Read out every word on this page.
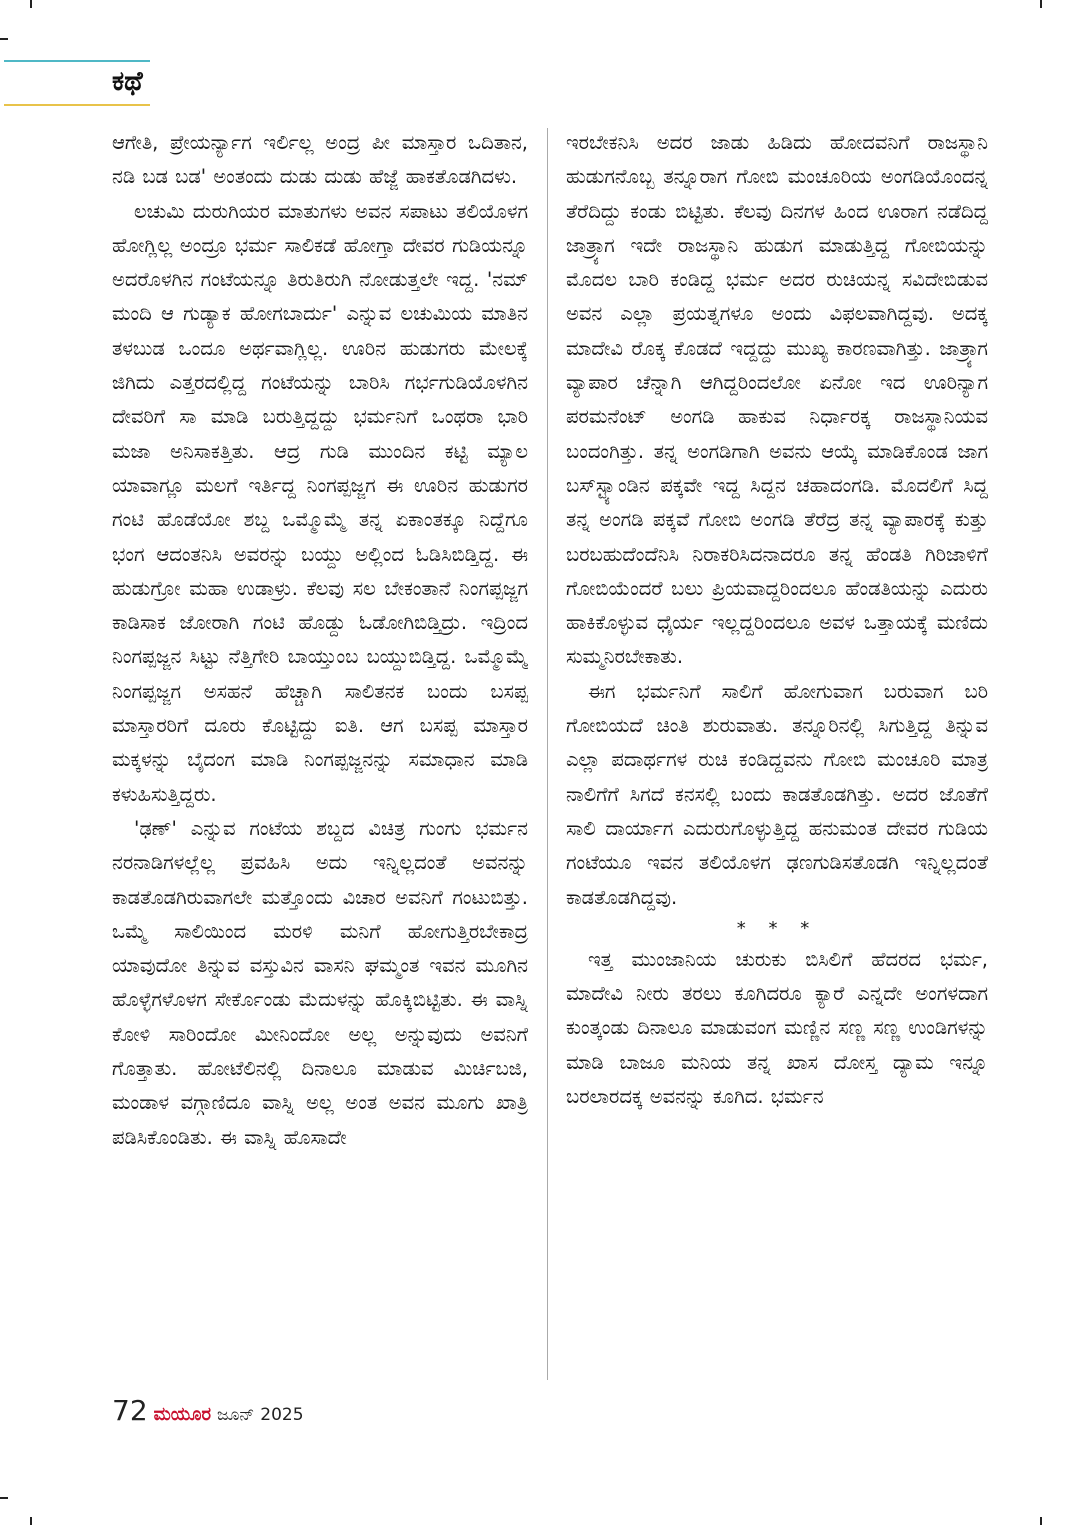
ಕಥೆ

ಆಗೇತಿ, ಪ್ರೇಯರ್ನ್ಯಾಗ ಇರ್ಲಿಲ್ಲ ಅಂದ್ರ ಪೀ ಮಾಸ್ತಾರ ಒದಿತಾನ, ನಡಿ ಬಡ ಬಡ' ಅಂತಂದು ದುಡು ದುಡು ಹೆಜ್ಜೆ ಹಾಕತೊಡಗಿದಳು.

ಲಚುಮಿ ದುರುಗಿಯರ ಮಾತುಗಳು ಅವನ ಸಪಾಟು ತಲಿಯೊಳಗ ಹೋಗ್ಲಿಲ್ಲ ಅಂದ್ರೂ ಭರ್ಮ ಸಾಲಿಕಡೆ ಹೋಗ್ತಾ ದೇವರ ಗುಡಿಯನ್ನೂ ಅದರೊಳಗಿನ ಗಂಟೆಯನ್ನೂ ತಿರುತಿರುಗಿ ನೋಡುತ್ತಲೇ ಇದ್ದ. 'ನಮ್ ಮಂದಿ ಆ ಗುಡ್ಯಾಕ ಹೋಗಬಾರ್ದು' ಎನ್ನುವ ಲಚುಮಿಯ ಮಾತಿನ ತಳಬುಡ ಒಂದೂ ಅರ್ಥವಾಗ್ಲಿಲ್ಲ. ಊರಿನ ಹುಡುಗರು ಮೇಲಕ್ಕೆ ಜಿಗಿದು ಎತ್ತರದಲ್ಲಿದ್ದ ಗಂಟೆಯನ್ನು ಬಾರಿಸಿ ಗರ್ಭಗುಡಿಯೊಳಗಿನ ದೇವರಿಗೆ ಸಾ ಮಾಡಿ ಬರುತ್ತಿದ್ದದ್ದು ಭರ್ಮನಿಗೆ ಒಂಥರಾ ಭಾರಿ ಮಜಾ ಅನಿಸಾಕತ್ತಿತು. ಆದ್ರ ಗುಡಿ ಮುಂದಿನ ಕಟ್ಟಿ ಮ್ಯಾಲ ಯಾವಾಗ್ಲೂ ಮಲಗೆ ಇರ್ತಿದ್ದ ನಿಂಗಪ್ಪಜ್ಜಗ ಈ ಊರಿನ ಹುಡುಗರ ಗಂಟಿ ಹೊಡೆಯೋ ಶಬ್ದ ಒಮ್ಮೊಮ್ಮೆ ತನ್ನ ಏಕಾಂತಕ್ಕೂ ನಿದ್ದೆಗೂ ಭಂಗ ಆದಂತನಿಸಿ ಅವರನ್ನು ಬಯ್ದು ಅಲ್ಲಿಂದ ಓಡಿಸಿಬಿಡ್ತಿದ್ದ. ಈ ಹುಡುಗ್ರೋ ಮಹಾ ಉಡಾಳ್ರು. ಕೆಲವು ಸಲ ಬೇಕಂತಾನೆ ನಿಂಗಪ್ಪಜ್ಜಗ ಕಾಡಿಸಾಕ ಜೋರಾಗಿ ಗಂಟಿ ಹೊಡ್ದು ಓಡೋಗಿಬಿಡ್ತಿದ್ರು. ಇದ್ರಿಂದ ನಿಂಗಪ್ಪಜ್ಜನ ಸಿಟ್ಟು ನೆತ್ತಿಗೇರಿ ಬಾಯ್ತುಂಬ ಬಯ್ದುಬಿಡ್ತಿದ್ದ. ಒಮ್ಮೊಮ್ಮೆ ನಿಂಗಪ್ಪಜ್ಜಗ ಅಸಹನೆ ಹೆಚ್ಚಾಗಿ ಸಾಲಿತನಕ ಬಂದು ಬಸಪ್ಪ ಮಾಸ್ತಾರರಿಗೆ ದೂರು ಕೊಟ್ಟಿದ್ದು ಐತಿ. ಆಗ ಬಸಪ್ಪ ಮಾಸ್ತಾರ ಮಕ್ಕಳನ್ನು ಬೈದಂಗ ಮಾಡಿ ನಿಂಗಪ್ಪಜ್ಜನನ್ನು ಸಮಾಧಾನ ಮಾಡಿ ಕಳುಹಿಸುತ್ತಿದ್ದರು.

'ಢಣ್' ಎನ್ನುವ ಗಂಟೆಯ ಶಬ್ದದ ವಿಚಿತ್ರ ಗುಂಗು ಭರ್ಮನ ನರನಾಡಿಗಳಲ್ಲೆಲ್ಲ ಪ್ರವಹಿಸಿ ಅದು ಇನ್ನಿಲ್ಲದಂತೆ ಅವನನ್ನು ಕಾಡತೊಡಗಿರುವಾಗಲೇ ಮತ್ತೊಂದು ವಿಚಾರ ಅವನಿಗೆ ಗಂಟುಬಿತ್ತು. ಒಮ್ಮೆ ಸಾಲಿಯಿಂದ ಮರಳಿ ಮನಿಗೆ ಹೋಗುತ್ತಿರಬೇಕಾದ್ರ ಯಾವುದೋ ತಿನ್ನುವ ವಸ್ತುವಿನ ವಾಸನಿ ಘಮ್ಮಂತ ಇವನ ಮೂಗಿನ ಹೊಳ್ಳೆಗಳೊಳಗ ಸೇರ್ಕೊಂಡು ಮೆದುಳನ್ನು ಹೊಕ್ಕಿಬಿಟ್ಟಿತು. ಈ ವಾಸ್ನಿ ಕೋಳಿ ಸಾರಿಂದೋ ಮೀನಿಂದೋ ಅಲ್ಲ ಅನ್ನುವುದು ಅವನಿಗೆ ಗೊತ್ತಾತು. ಹೋಟೆಲಿನಲ್ಲಿ ದಿನಾಲೂ ಮಾಡುವ ಮಿರ್ಚಿಬಜಿ, ಮಂಡಾಳ ವಗ್ಗಾಣಿದೂ ವಾಸ್ನಿ ಅಲ್ಲ ಅಂತ ಅವನ ಮೂಗು ಖಾತ್ರಿ ಪಡಿಸಿಕೊಂಡಿತು. ಈ ವಾಸ್ನಿ ಹೊಸಾದೇ

ಇರಬೇಕನಿಸಿ ಅದರ ಜಾಡು ಹಿಡಿದು ಹೋದವನಿಗೆ ರಾಜಸ್ಥಾನಿ ಹುಡುಗನೊಬ್ಬ ತನ್ನೂರಾಗ ಗೋಬಿ ಮಂಚೂರಿಯ ಅಂಗಡಿಯೊಂದನ್ನ ತೆರೆದಿದ್ದು ಕಂಡು ಬಿಟ್ಟಿತು. ಕೆಲವು ದಿನಗಳ ಹಿಂದ ಊರಾಗ ನಡೆದಿದ್ದ ಜಾತ್ರ್ಯಾಗ ಇದೇ ರಾಜಸ್ಥಾನಿ ಹುಡುಗ ಮಾಡುತ್ತಿದ್ದ ಗೋಬಿಯನ್ನು ಮೊದಲ ಬಾರಿ ಕಂಡಿದ್ದ ಭರ್ಮ ಅದರ ರುಚಿಯನ್ನ ಸವಿದೇಬಿಡುವ ಅವನ ಎಲ್ಲಾ ಪ್ರಯತ್ನಗಳೂ ಅಂದು ವಿಫಲವಾಗಿದ್ದವು. ಅದಕ್ಕ ಮಾದೇವಿ ರೊಕ್ಕ ಕೊಡದೆ ಇದ್ದದ್ದು ಮುಖ್ಯ ಕಾರಣವಾಗಿತ್ತು. ಜಾತ್ರ್ಯಾಗ ವ್ಯಾಪಾರ ಚೆನ್ನಾಗಿ ಆಗಿದ್ದರಿಂದಲೋ ಏನೋ ಇದ ಊರಿನ್ಯಾಗ ಪರಮನೆಂಟ್ ಅಂಗಡಿ ಹಾಕುವ ನಿರ್ಧಾರಕ್ಕ ರಾಜಸ್ಥಾನಿಯವ ಬಂದಂಗಿತ್ತು. ತನ್ನ ಅಂಗಡಿಗಾಗಿ ಅವನು ಆಯ್ಕೆ ಮಾಡಿಕೊಂಡ ಜಾಗ ಬಸ್‌ಸ್ಟ್ಯಾಂಡಿನ ಪಕ್ಕವೇ ಇದ್ದ ಸಿದ್ದನ ಚಹಾದಂಗಡಿ. ಮೊದಲಿಗೆ ಸಿದ್ದ ತನ್ನ ಅಂಗಡಿ ಪಕ್ಕವೆ ಗೋಬಿ ಅಂಗಡಿ ತೆರೆದ್ರ ತನ್ನ ವ್ಯಾಪಾರಕ್ಕೆ ಕುತ್ತು ಬರಬಹುದೆಂದೆನಿಸಿ ನಿರಾಕರಿಸಿದನಾದರೂ ತನ್ನ ಹೆಂಡತಿ ಗಿರಿಜಾಳಿಗೆ ಗೋಬಿಯೆಂದರೆ ಬಲು ಪ್ರಿಯವಾದ್ದರಿಂದಲೂ ಹೆಂಡತಿಯನ್ನು ಎದುರು ಹಾಕಿಕೊಳ್ಳುವ ಧೈರ್ಯ ಇಲ್ಲದ್ದರಿಂದಲೂ ಅವಳ ಒತ್ತಾಯಕ್ಕೆ ಮಣಿದು ಸುಮ್ಮನಿರಬೇಕಾತು.

ಈಗ ಭರ್ಮನಿಗೆ ಸಾಲಿಗೆ ಹೋಗುವಾಗ ಬರುವಾಗ ಬರಿ ಗೋಬಿಯದೆ ಚಿಂತಿ ಶುರುವಾತು. ತನ್ನೂರಿನಲ್ಲಿ ಸಿಗುತ್ತಿದ್ದ ತಿನ್ನುವ ಎಲ್ಲಾ ಪದಾರ್ಥಗಳ ರುಚಿ ಕಂಡಿದ್ದವನು ಗೋಬಿ ಮಂಚೂರಿ ಮಾತ್ರ ನಾಲಿಗೆಗೆ ಸಿಗದೆ ಕನಸಲ್ಲಿ ಬಂದು ಕಾಡತೊಡಗಿತ್ತು. ಅದರ ಜೊತೆಗೆ ಸಾಲಿ ದಾರ್ಯಾಗ ಎದುರುಗೊಳ್ಳುತ್ತಿದ್ದ ಹನುಮಂತ ದೇವರ ಗುಡಿಯ ಗಂಟೆಯೂ ಇವನ ತಲಿಯೊಳಗ ಢಣಗುಡಿಸತೊಡಗಿ ಇನ್ನಿಲ್ಲದಂತೆ ಕಾಡತೊಡಗಿದ್ದವು.

* * *

ಇತ್ತ ಮುಂಜಾನಿಯ ಚುರುಕು ಬಿಸಿಲಿಗೆ ಹೆದರದ ಭರ್ಮ, ಮಾದೇವಿ ನೀರು ತರಲು ಕೂಗಿದರೂ ಕ್ಯಾರೆ ಎನ್ನದೇ ಅಂಗಳದಾಗ ಕುಂತ್ಕಂಡು ದಿನಾಲೂ ಮಾಡುವಂಗ ಮಣ್ಣಿನ ಸಣ್ಣ ಸಣ್ಣ ಉಂಡಿಗಳನ್ನು ಮಾಡಿ ಬಾಜೂ ಮನಿಯ ತನ್ನ ಖಾಸ ದೋಸ್ತ ದ್ಯಾಮ ಇನ್ನೂ ಬರಲಾರದಕ್ಕ ಅವನನ್ನು ಕೂಗಿದ. ಭರ್ಮನ

72 ಮಯೂರ ಜೂನ್ 2025
